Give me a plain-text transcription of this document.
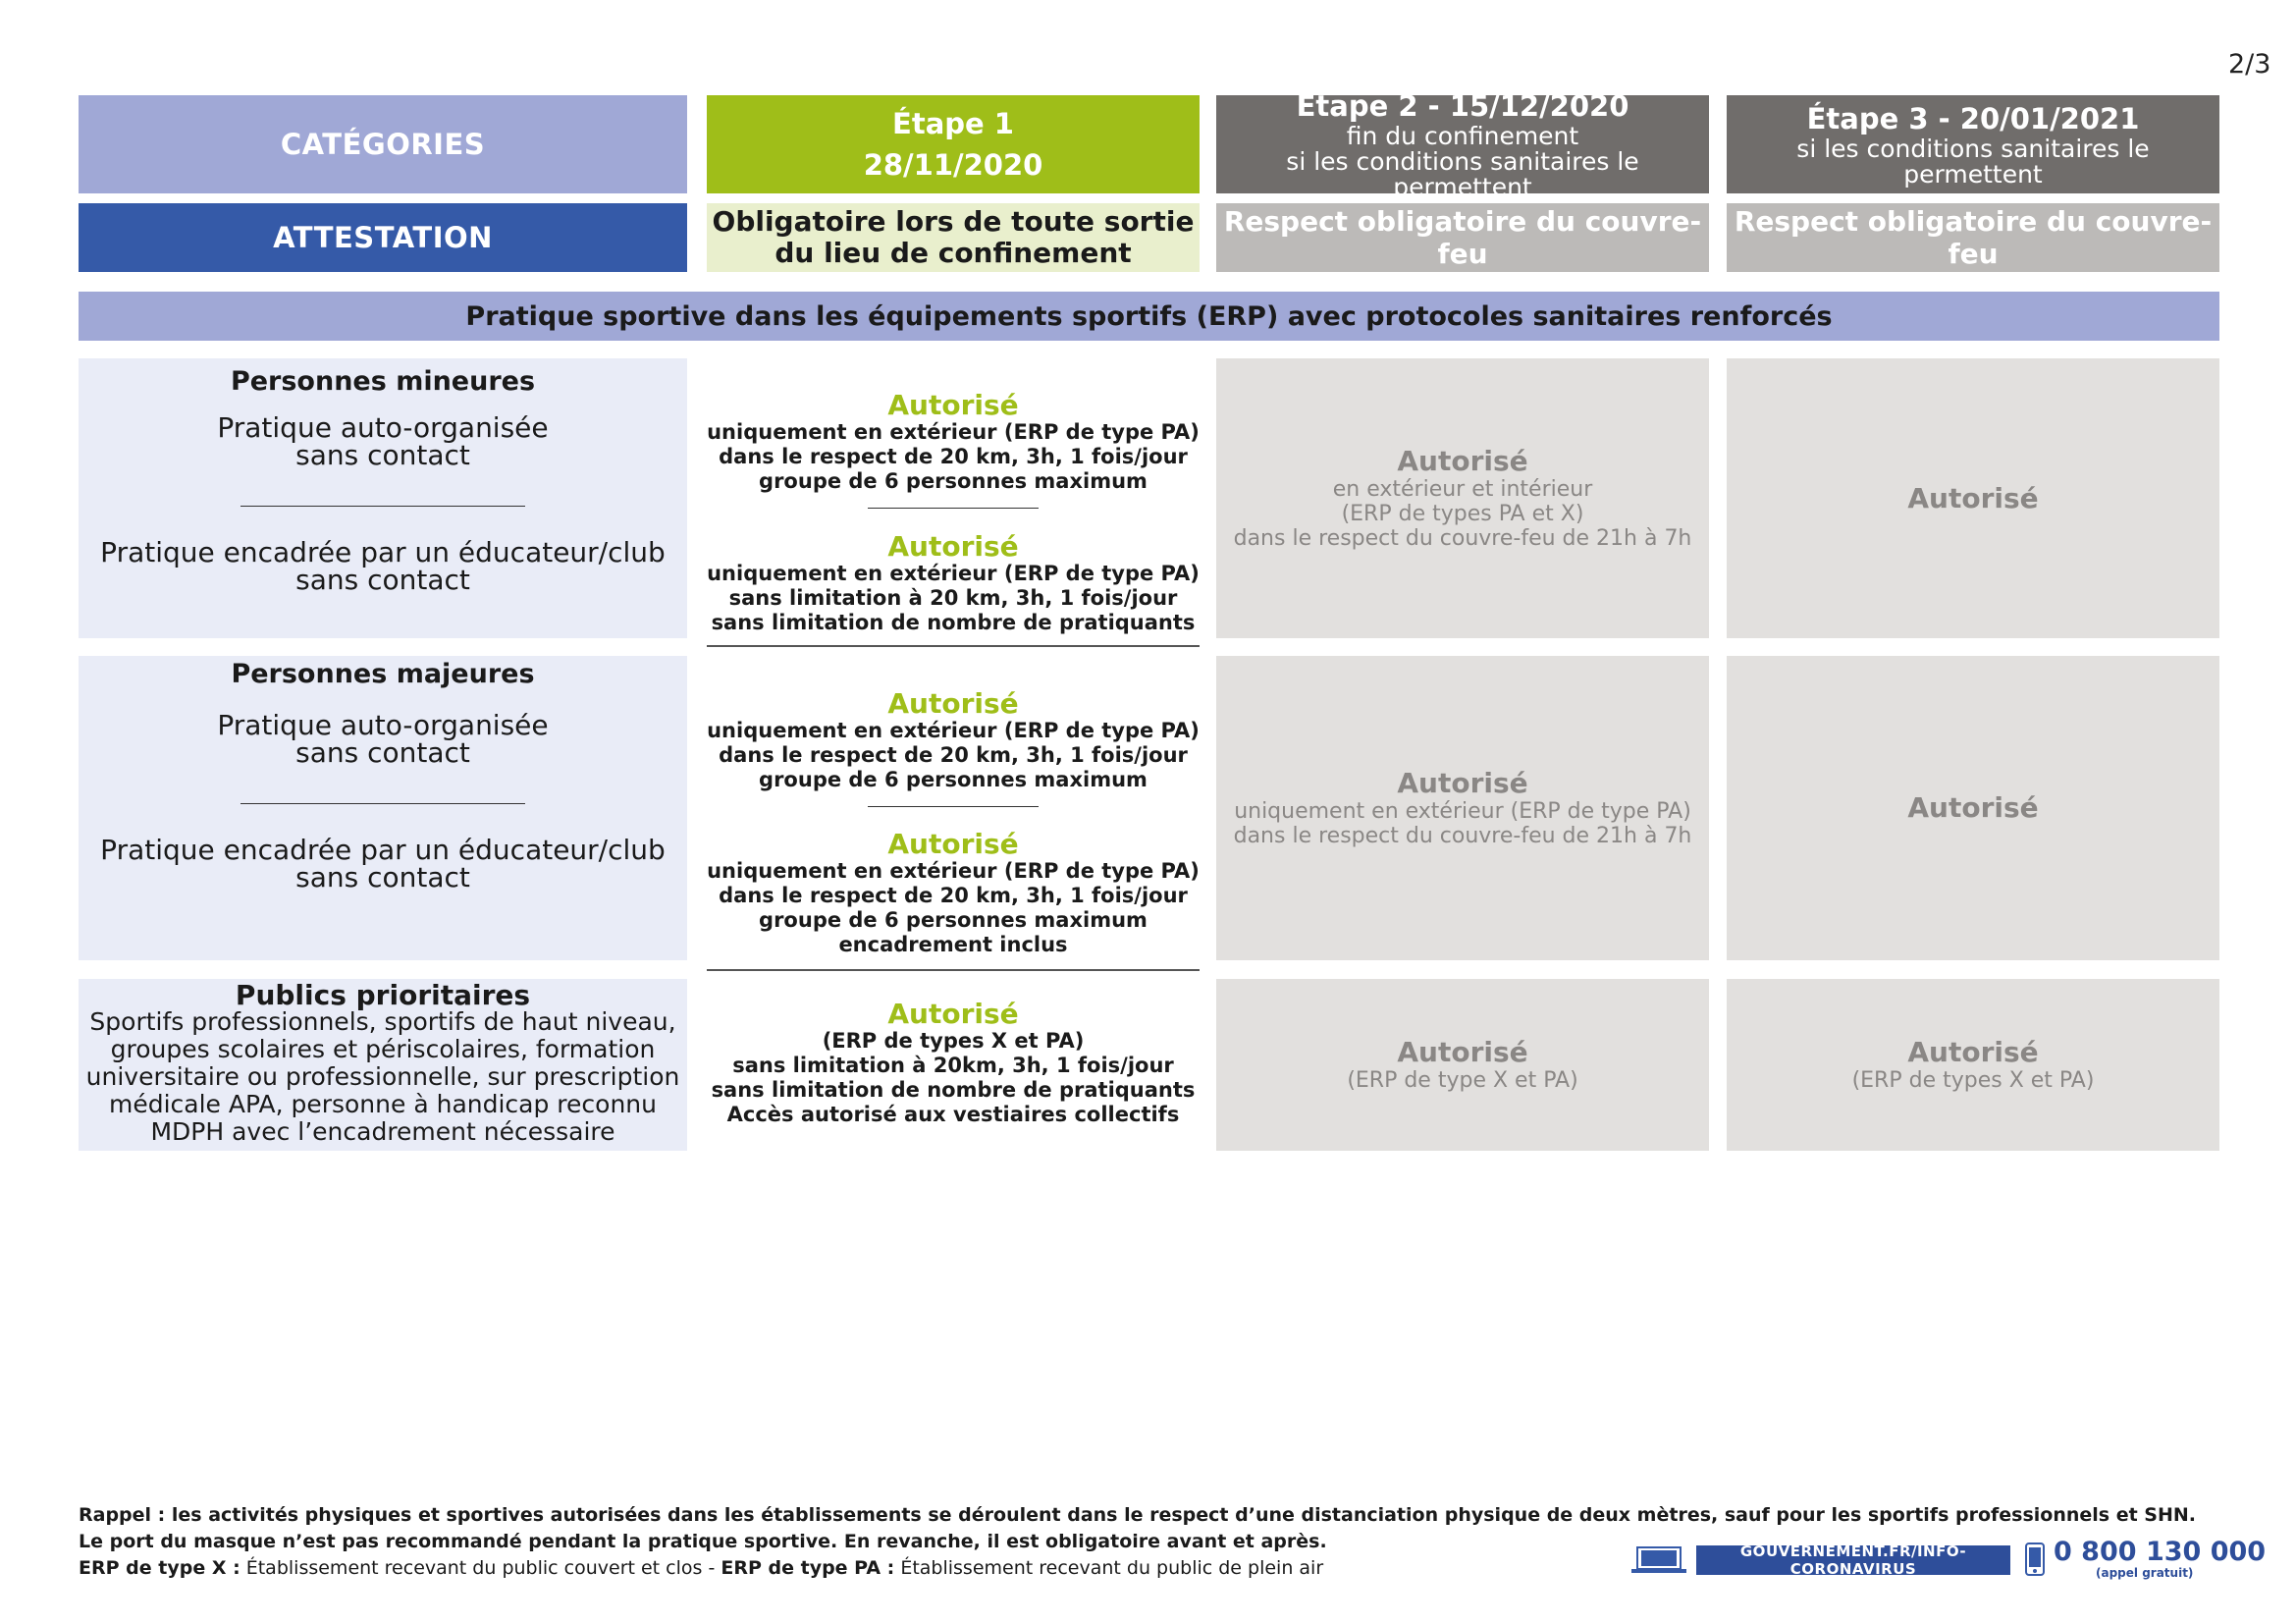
2/3
CATÉGORIES
Étape 1
28/11/2020
Étape 2 - 15/12/2020
fin du confinement
si les conditions sanitaires le permettent
Étape 3 - 20/01/2021
si les conditions sanitaires le permettent
ATTESTATION	Obligatoire lors de toute sortie
du lieu de confinement
Respect obligatoire du couvre-feu
Respect obligatoire du couvre-feu
Pratique sportive dans les équipements sportifs (ERP) avec protocoles sanitaires renforcés
Personnes mineures
Pratique auto-organisée
sans contact
Pratique encadrée par un éducateur/club
sans contact
Autorisé
uniquement en extérieur (ERP de type PA)
dans le respect de 20 km, 3h, 1 fois/jour
groupe de 6 personnes maximum
Autorisé
uniquement en extérieur (ERP de type PA)
sans limitation à 20 km, 3h, 1 fois/jour
sans limitation de nombre de pratiquants
Autorisé
en extérieur et intérieur
(ERP de types PA et X)
dans le respect du couvre-feu de 21h à 7h
Autorisé
Personnes majeures
Pratique auto-organisée
sans contact
Pratique encadrée par un éducateur/club
sans contact
Autorisé
uniquement en extérieur (ERP de type PA)
dans le respect de 20 km, 3h, 1 fois/jour
groupe de 6 personnes maximum
Autorisé
uniquement en extérieur (ERP de type PA)
dans le respect de 20 km, 3h, 1 fois/jour
groupe de 6 personnes maximum
encadrement inclus
Autorisé
uniquement en extérieur (ERP de type PA)
dans le respect du couvre-feu de 21h à 7h
Autorisé
Publics prioritaires
Sportifs professionnels, sportifs de haut niveau,
groupes scolaires et périscolaires, formation
universitaire ou professionnelle, sur prescription
médicale APA, personne à handicap reconnu
MDPH avec l’encadrement nécessaire
Autorisé
(ERP de types X et PA)
sans limitation à 20km, 3h, 1 fois/jour
sans limitation de nombre de pratiquants
Accès autorisé aux vestiaires collectifs
Autorisé
(ERP de type X et PA)
Autorisé
(ERP de types X et PA)
Rappel : les activités physiques et sportives autorisées dans les établissements se déroulent dans le respect d’une distanciation physique de deux mètres, sauf pour les sportifs professionnels et SHN.
Le port du masque n’est pas recommandé pendant la pratique sportive. En revanche, il est obligatoire avant et après.
ERP de type X : Établissement recevant du public couvert et clos - ERP de type PA : Établissement recevant du public de plein air
GOUVERNEMENT.FR/INFO-CORONAVIRUS
0 800 130 000
(appel gratuit)
